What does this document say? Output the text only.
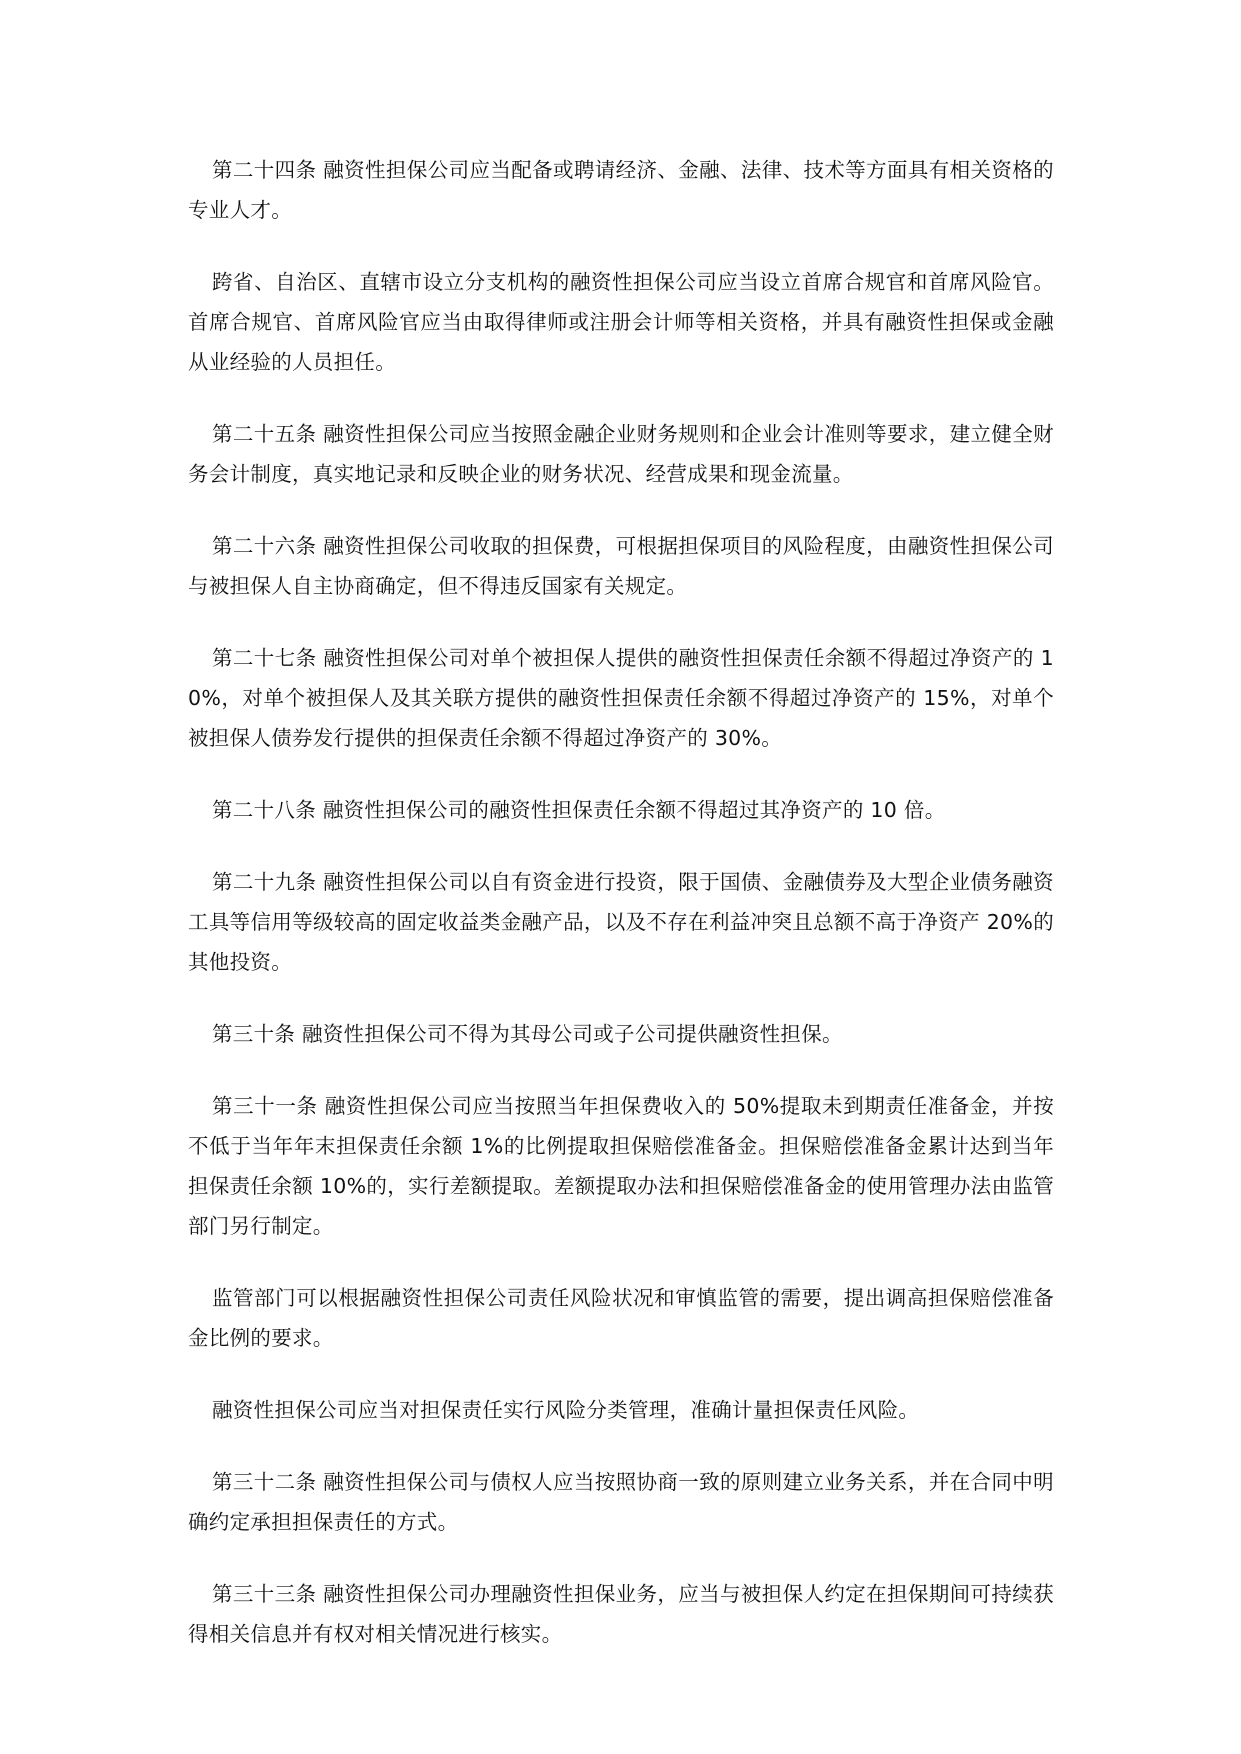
第二十四条 融资性担保公司应当配备或聘请经济、金融、法律、技术等方面具有相关资格的专业人才。

跨省、自治区、直辖市设立分支机构的融资性担保公司应当设立首席合规官和首席风险官。首席合规官、首席风险官应当由取得律师或注册会计师等相关资格，并具有融资性担保或金融从业经验的人员担任。

第二十五条 融资性担保公司应当按照金融企业财务规则和企业会计准则等要求，建立健全财务会计制度，真实地记录和反映企业的财务状况、经营成果和现金流量。

第二十六条 融资性担保公司收取的担保费，可根据担保项目的风险程度，由融资性担保公司与被担保人自主协商确定，但不得违反国家有关规定。

第二十七条 融资性担保公司对单个被担保人提供的融资性担保责任余额不得超过净资产的 10%，对单个被担保人及其关联方提供的融资性担保责任余额不得超过净资产的 15%，对单个被担保人债券发行提供的担保责任余额不得超过净资产的 30%。

第二十八条 融资性担保公司的融资性担保责任余额不得超过其净资产的 10 倍。

第二十九条 融资性担保公司以自有资金进行投资，限于国债、金融债券及大型企业债务融资工具等信用等级较高的固定收益类金融产品，以及不存在利益冲突且总额不高于净资产 20%的其他投资。

第三十条 融资性担保公司不得为其母公司或子公司提供融资性担保。

第三十一条 融资性担保公司应当按照当年担保费收入的 50%提取未到期责任准备金，并按不低于当年年末担保责任余额 1%的比例提取担保赔偿准备金。担保赔偿准备金累计达到当年担保责任余额 10%的，实行差额提取。差额提取办法和担保赔偿准备金的使用管理办法由监管部门另行制定。

监管部门可以根据融资性担保公司责任风险状况和审慎监管的需要，提出调高担保赔偿准备金比例的要求。

融资性担保公司应当对担保责任实行风险分类管理，准确计量担保责任风险。

第三十二条 融资性担保公司与债权人应当按照协商一致的原则建立业务关系，并在合同中明确约定承担担保责任的方式。

第三十三条 融资性担保公司办理融资性担保业务，应当与被担保人约定在担保期间可持续获得相关信息并有权对相关情况进行核实。
